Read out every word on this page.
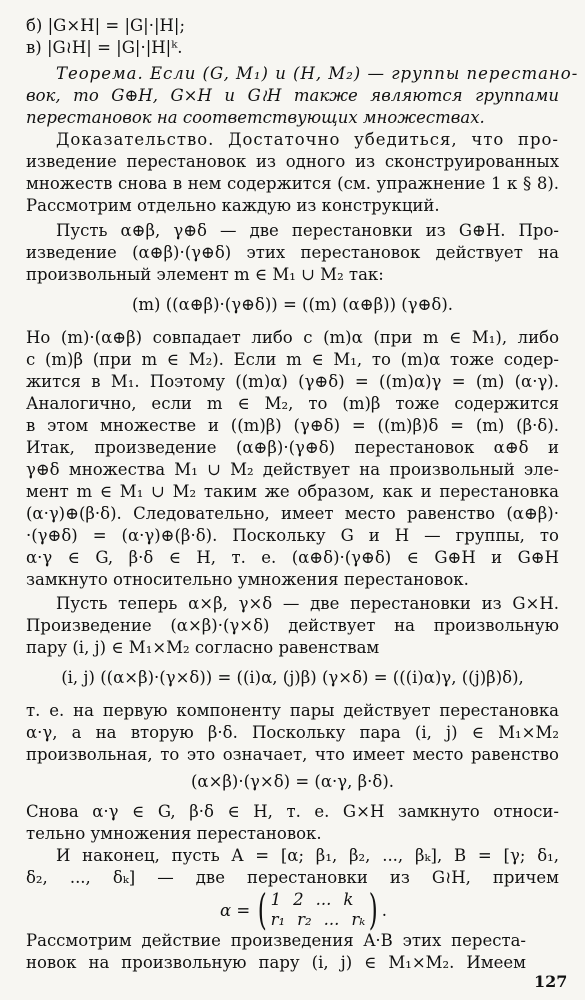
б) |G×H| = |G|·|H|;
в) |G≀H| = |G|·|H|ᵏ.
Теорема. Если (G, M₁) и (H, M₂) — группы перестано-
вок, то G⊕H, G×H и G≀H также являются группами
перестановок на соответствующих множествах.
Доказательство. Достаточно убедиться, что про-
изведение перестановок из одного из сконструированных
множеств снова в нем содержится (см. упражнение 1 к § 8).
Рассмотрим отдельно каждую из конструкций.
Пусть α⊕β, γ⊕δ — две перестановки из G⊕H. Про-
изведение (α⊕β)·(γ⊕δ) этих перестановок действует на
произвольный элемент m ∈ M₁ ∪ M₂ так:
(m) ((α⊕β)·(γ⊕δ)) = ((m) (α⊕β)) (γ⊕δ).
Но (m)·(α⊕β) совпадает либо с (m)α (при m ∈ M₁), либо
с (m)β (при m ∈ M₂). Если m ∈ M₁, то (m)α тоже содер-
жится в M₁. Поэтому ((m)α) (γ⊕δ) = ((m)α)γ = (m) (α·γ).
Аналогично, если m ∈ M₂, то (m)β тоже содержится
в этом множестве и ((m)β) (γ⊕δ) = ((m)β)δ = (m) (β·δ).
Итак, произведение (α⊕β)·(γ⊕δ) перестановок α⊕δ и
γ⊕δ множества M₁ ∪ M₂ действует на произвольный эле-
мент m ∈ M₁ ∪ M₂ таким же образом, как и перестановка
(α·γ)⊕(β·δ). Следовательно, имеет место равенство (α⊕β)·
·(γ⊕δ) = (α·γ)⊕(β·δ). Поскольку G и H — группы, то
α·γ ∈ G, β·δ ∈ H, т. е. (α⊕δ)·(γ⊕δ) ∈ G⊕H и G⊕H
замкнуто относительно умножения перестановок.
Пусть теперь α×β, γ×δ — две перестановки из G×H.
Произведение (α×β)·(γ×δ) действует на произвольную
пару (i, j) ∈ M₁×M₂ согласно равенствам
(i, j) ((α×β)·(γ×δ)) = ((i)α, (j)β) (γ×δ) = (((i)α)γ, ((j)β)δ),
т. е. на первую компоненту пары действует перестановка
α·γ, а на вторую β·δ. Поскольку пара (i, j) ∈ M₁×M₂
произвольная, то это означает, что имеет место равенство
(α×β)·(γ×δ) = (α·γ, β·δ).
Снова α·γ ∈ G, β·δ ∈ H, т. е. G×H замкнуто относи-
тельно умножения перестановок.
И наконец, пусть A = [α; β₁, β₂, ..., βₖ], B = [γ; δ₁,
δ₂, ..., δₖ] — две перестановки из G≀H, причем
α = ( 1 2 ... k
r₁ r₂ ... rₖ ) .
Рассмотрим действие произведения A·B этих переста-
новок на произвольную пару (i, j) ∈ M₁×M₂. Имеем
127
